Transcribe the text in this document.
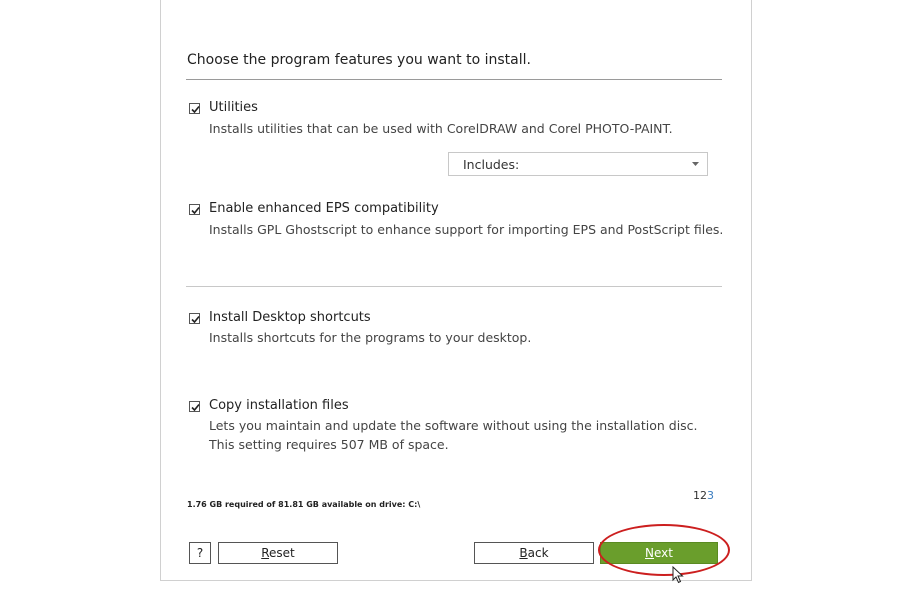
Choose the program features you want to install.
Utilities
Installs utilities that can be used with CorelDRAW and Corel PHOTO-PAINT.
Includes:
Enable enhanced EPS compatibility
Installs GPL Ghostscript to enhance support for importing EPS and PostScript files.
Install Desktop shortcuts
Installs shortcuts for the programs to your desktop.
Copy installation files
Lets you maintain and update the software without using the installation disc.
This setting requires 507 MB of space.
123
1.76 GB required of 81.81 GB available on drive: C:\
?	Reset	Back	Next
